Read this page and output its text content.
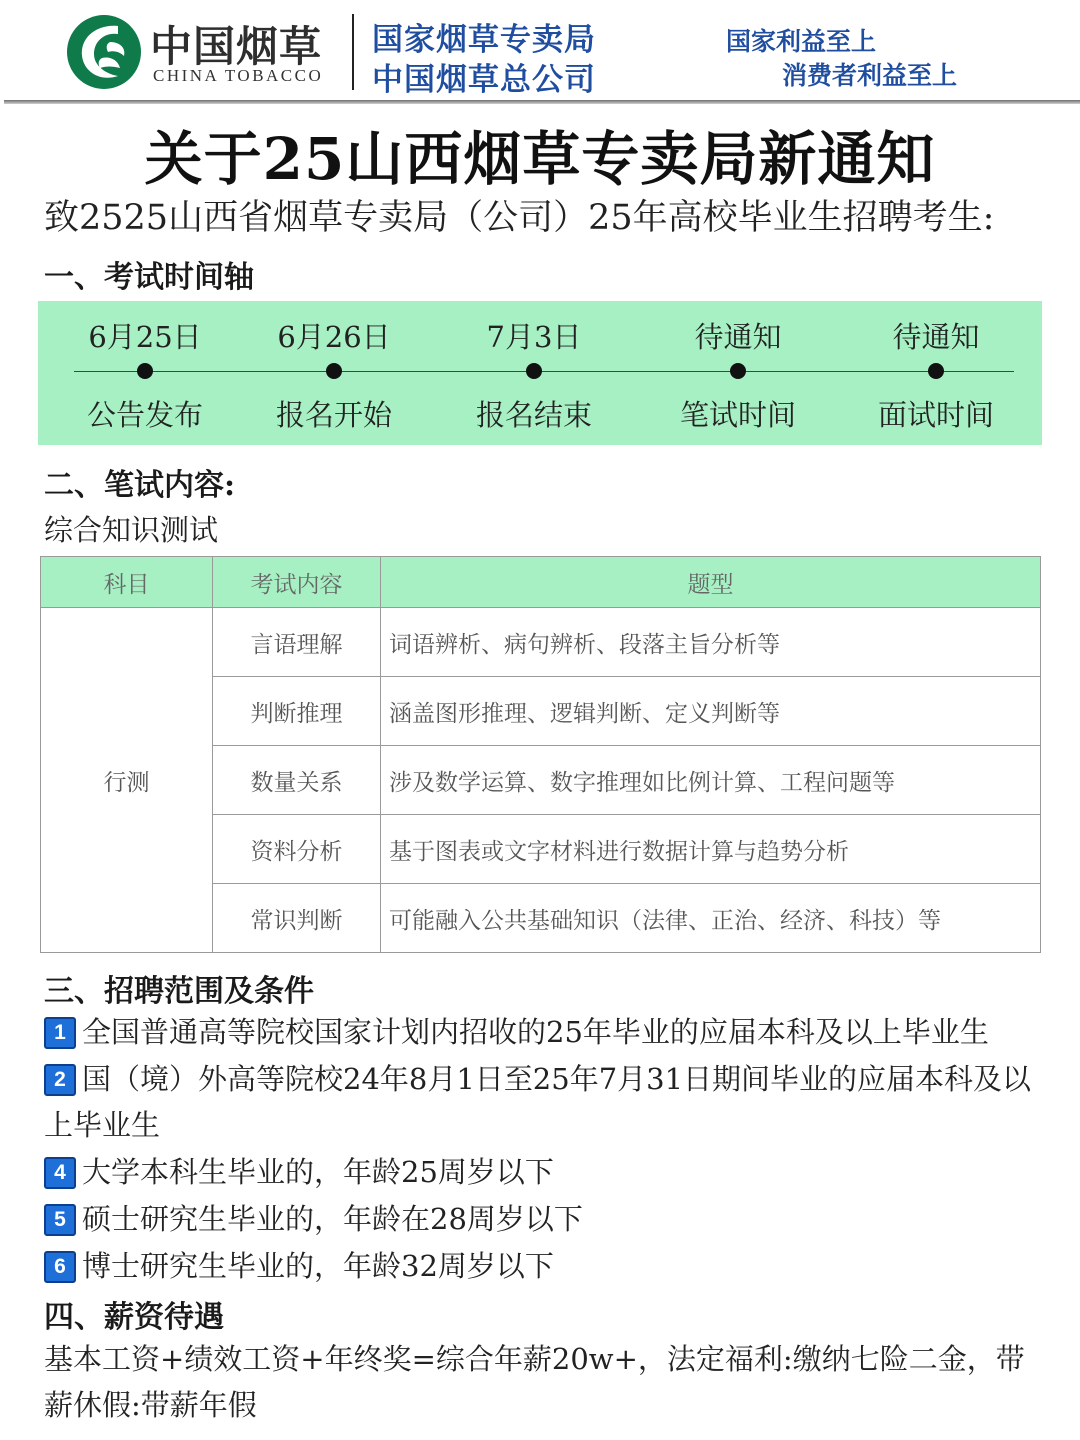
中国烟草
CHINA TOBACCO
国家烟草专卖局
中国烟草总公司
国家利益至上
消费者利益至上
关于25山西烟草专卖局新通知
致2525山西省烟草专卖局（公司）25年高校毕业生招聘考生:
一、考试时间轴
6月25日
公告发布
6月26日
报名开始
7月3日
报名结束
待通知
笔试时间
待通知
面试时间
二、笔试内容:
综合知识测试
科目	考试内容	题型
行测	言语理解	词语辨析、病句辨析、段落主旨分析等
	判断推理	涵盖图形推理、逻辑判断、定义判断等
	数量关系	涉及数学运算、数字推理如比例计算、工程问题等
	资料分析	基于图表或文字材料进行数据计算与趋势分析
	常识判断	可能融入公共基础知识（法律、正治、经济、科技）等
三、招聘范围及条件
1 全国普通高等院校国家计划内招收的25年毕业的应届本科及以上毕业生
2 国（境）外高等院校24年8月1日至25年7月31日期间毕业的应届本科及以上毕业生
4 大学本科生毕业的，年龄25周岁以下
5 硕士研究生毕业的，年龄在28周岁以下
6 博士研究生毕业的，年龄32周岁以下
四、薪资待遇
基本工资+绩效工资+年终奖=综合年薪20w+，法定福利:缴纳七险二金，带薪休假:带薪年假
